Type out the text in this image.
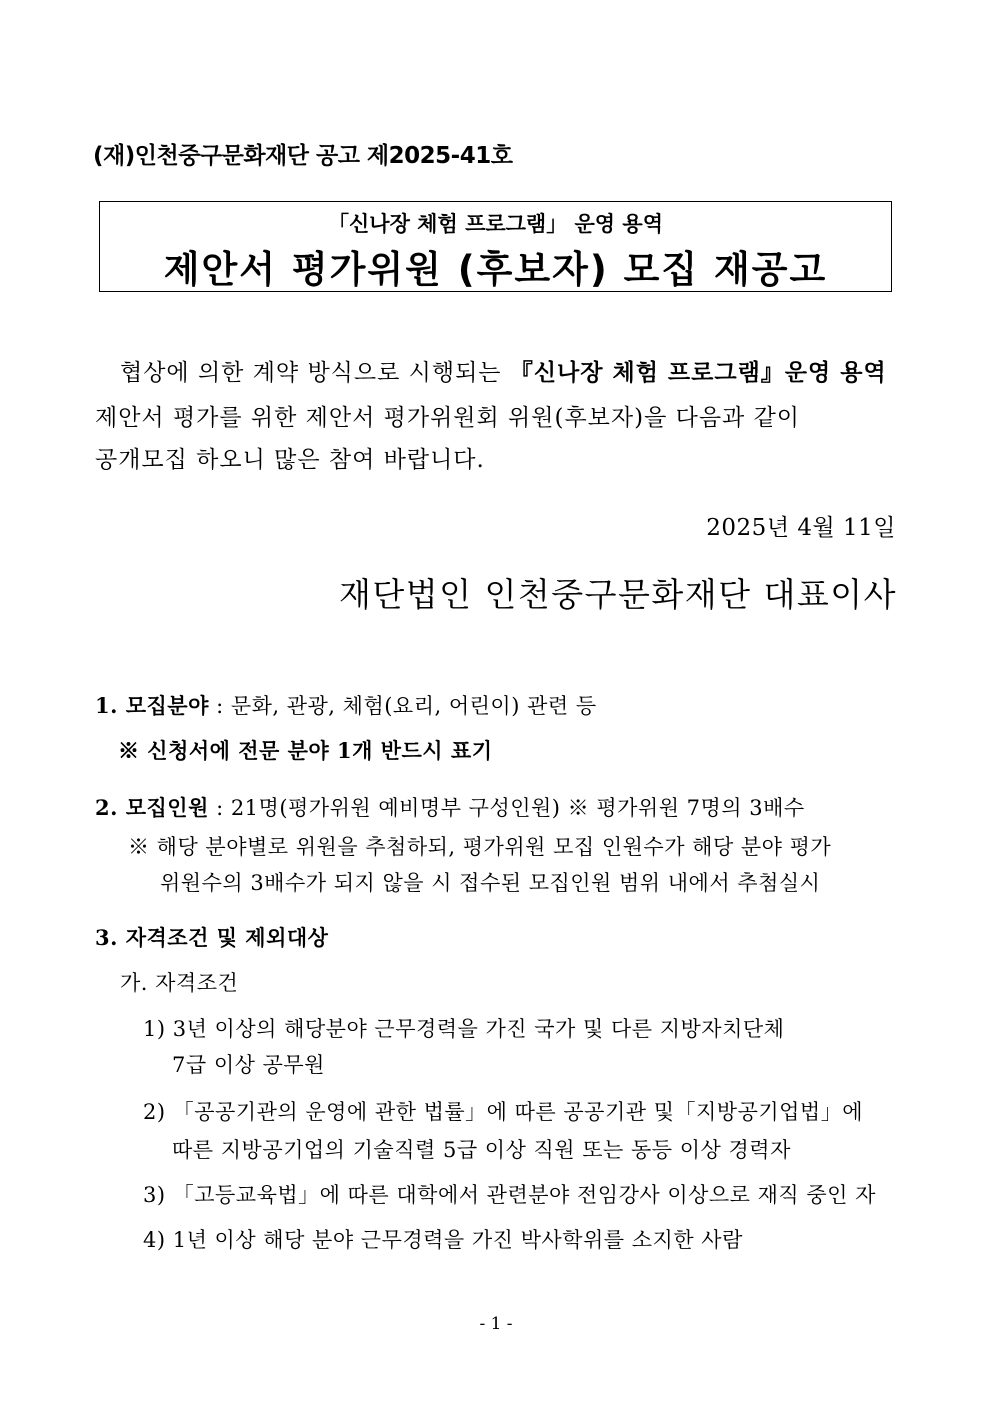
(재)인천중구문화재단 공고 제2025-41호
「신나장 체험 프로그램」 운영 용역
제안서 평가위원 (후보자) 모집 재공고
협상에 의한 계약 방식으로 시행되는 『신나장 체험 프로그램』운영 용역
제안서 평가를 위한 제안서 평가위원회 위원(후보자)을 다음과 같이
공개모집 하오니 많은 참여 바랍니다.
2025년 4월 11일
재단법인 인천중구문화재단 대표이사
1. 모집분야 : 문화, 관광, 체험(요리, 어린이) 관련 등
※ 신청서에 전문 분야 1개 반드시 표기
2. 모집인원 : 21명(평가위원 예비명부 구성인원) ※ 평가위원 7명의 3배수
※ 해당 분야별로 위원을 추첨하되, 평가위원 모집 인원수가 해당 분야 평가
위원수의 3배수가 되지 않을 시 접수된 모집인원 범위 내에서 추첨실시
3. 자격조건 및 제외대상
가. 자격조건
1) 3년 이상의 해당분야 근무경력을 가진 국가 및 다른 지방자치단체
7급 이상 공무원
2) 「공공기관의 운영에 관한 법률」에 따른 공공기관 및「지방공기업법」에
따른 지방공기업의 기술직렬 5급 이상 직원 또는 동등 이상 경력자
3) 「고등교육법」에 따른 대학에서 관련분야 전임강사 이상으로 재직 중인 자
4) 1년 이상 해당 분야 근무경력을 가진 박사학위를 소지한 사람
- 1 -
